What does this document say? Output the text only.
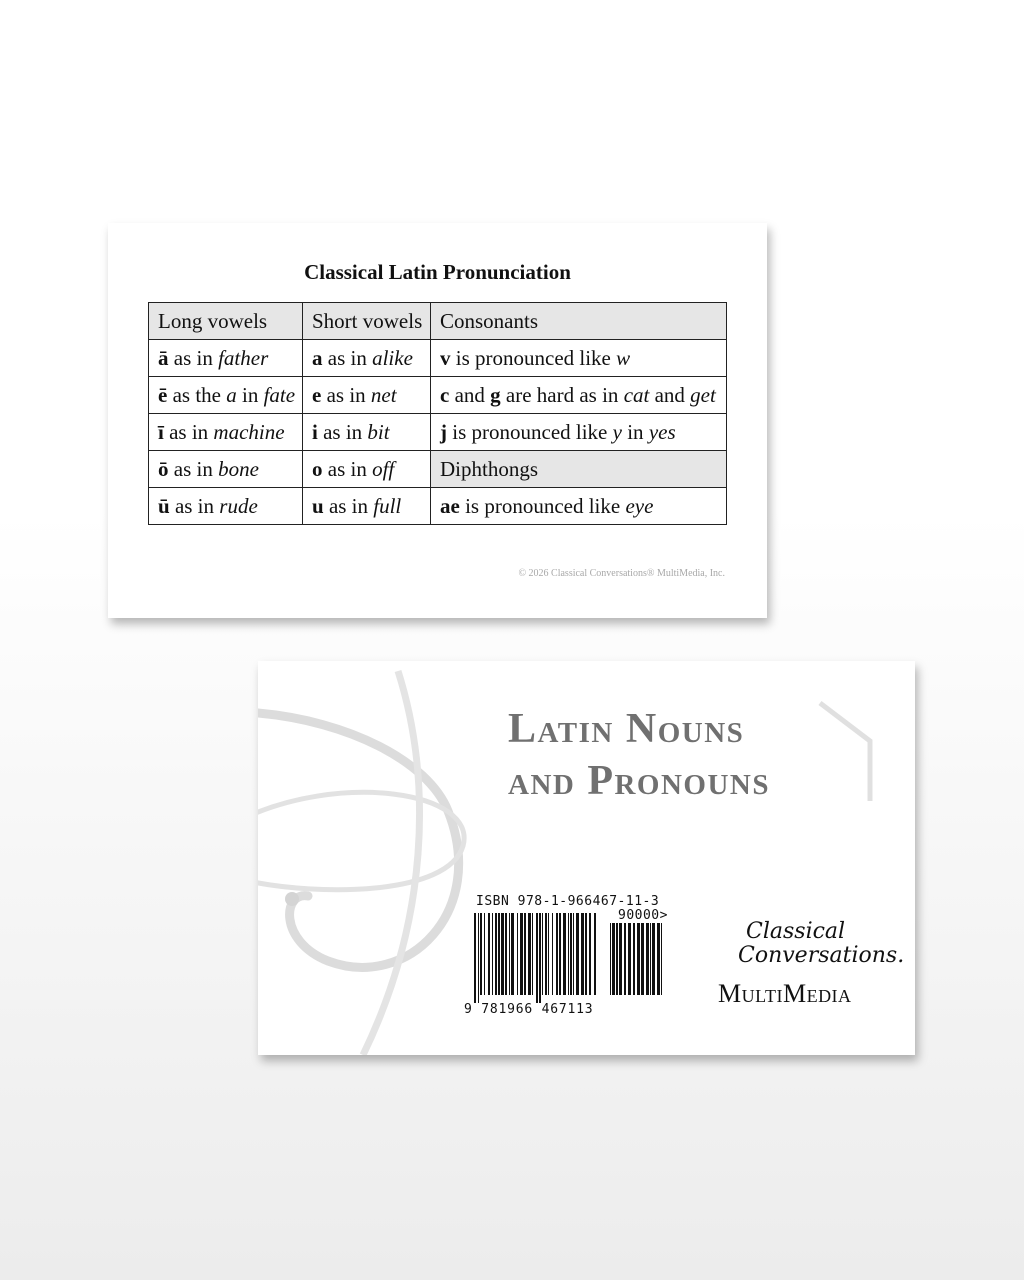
Classical Latin Pronunciation
Long vowels	Short vowels	Consonants
ā as in father	a as in alike	v is pronounced like w
ē as the a in fate	e as in net	c and g are hard as in cat and get
ī as in machine	i as in bit	j is pronounced like y in yes
ō as in bone	o as in off	Diphthongs
ū as in rude	u as in full	ae is pronounced like eye
© 2026 Classical Conversations® MultiMedia, Inc.
Latin Nouns
and Pronouns
ISBN 978-1-966467-11-3
90000>
9 781966 467113
Classical
Conversations.
MultiMedia
